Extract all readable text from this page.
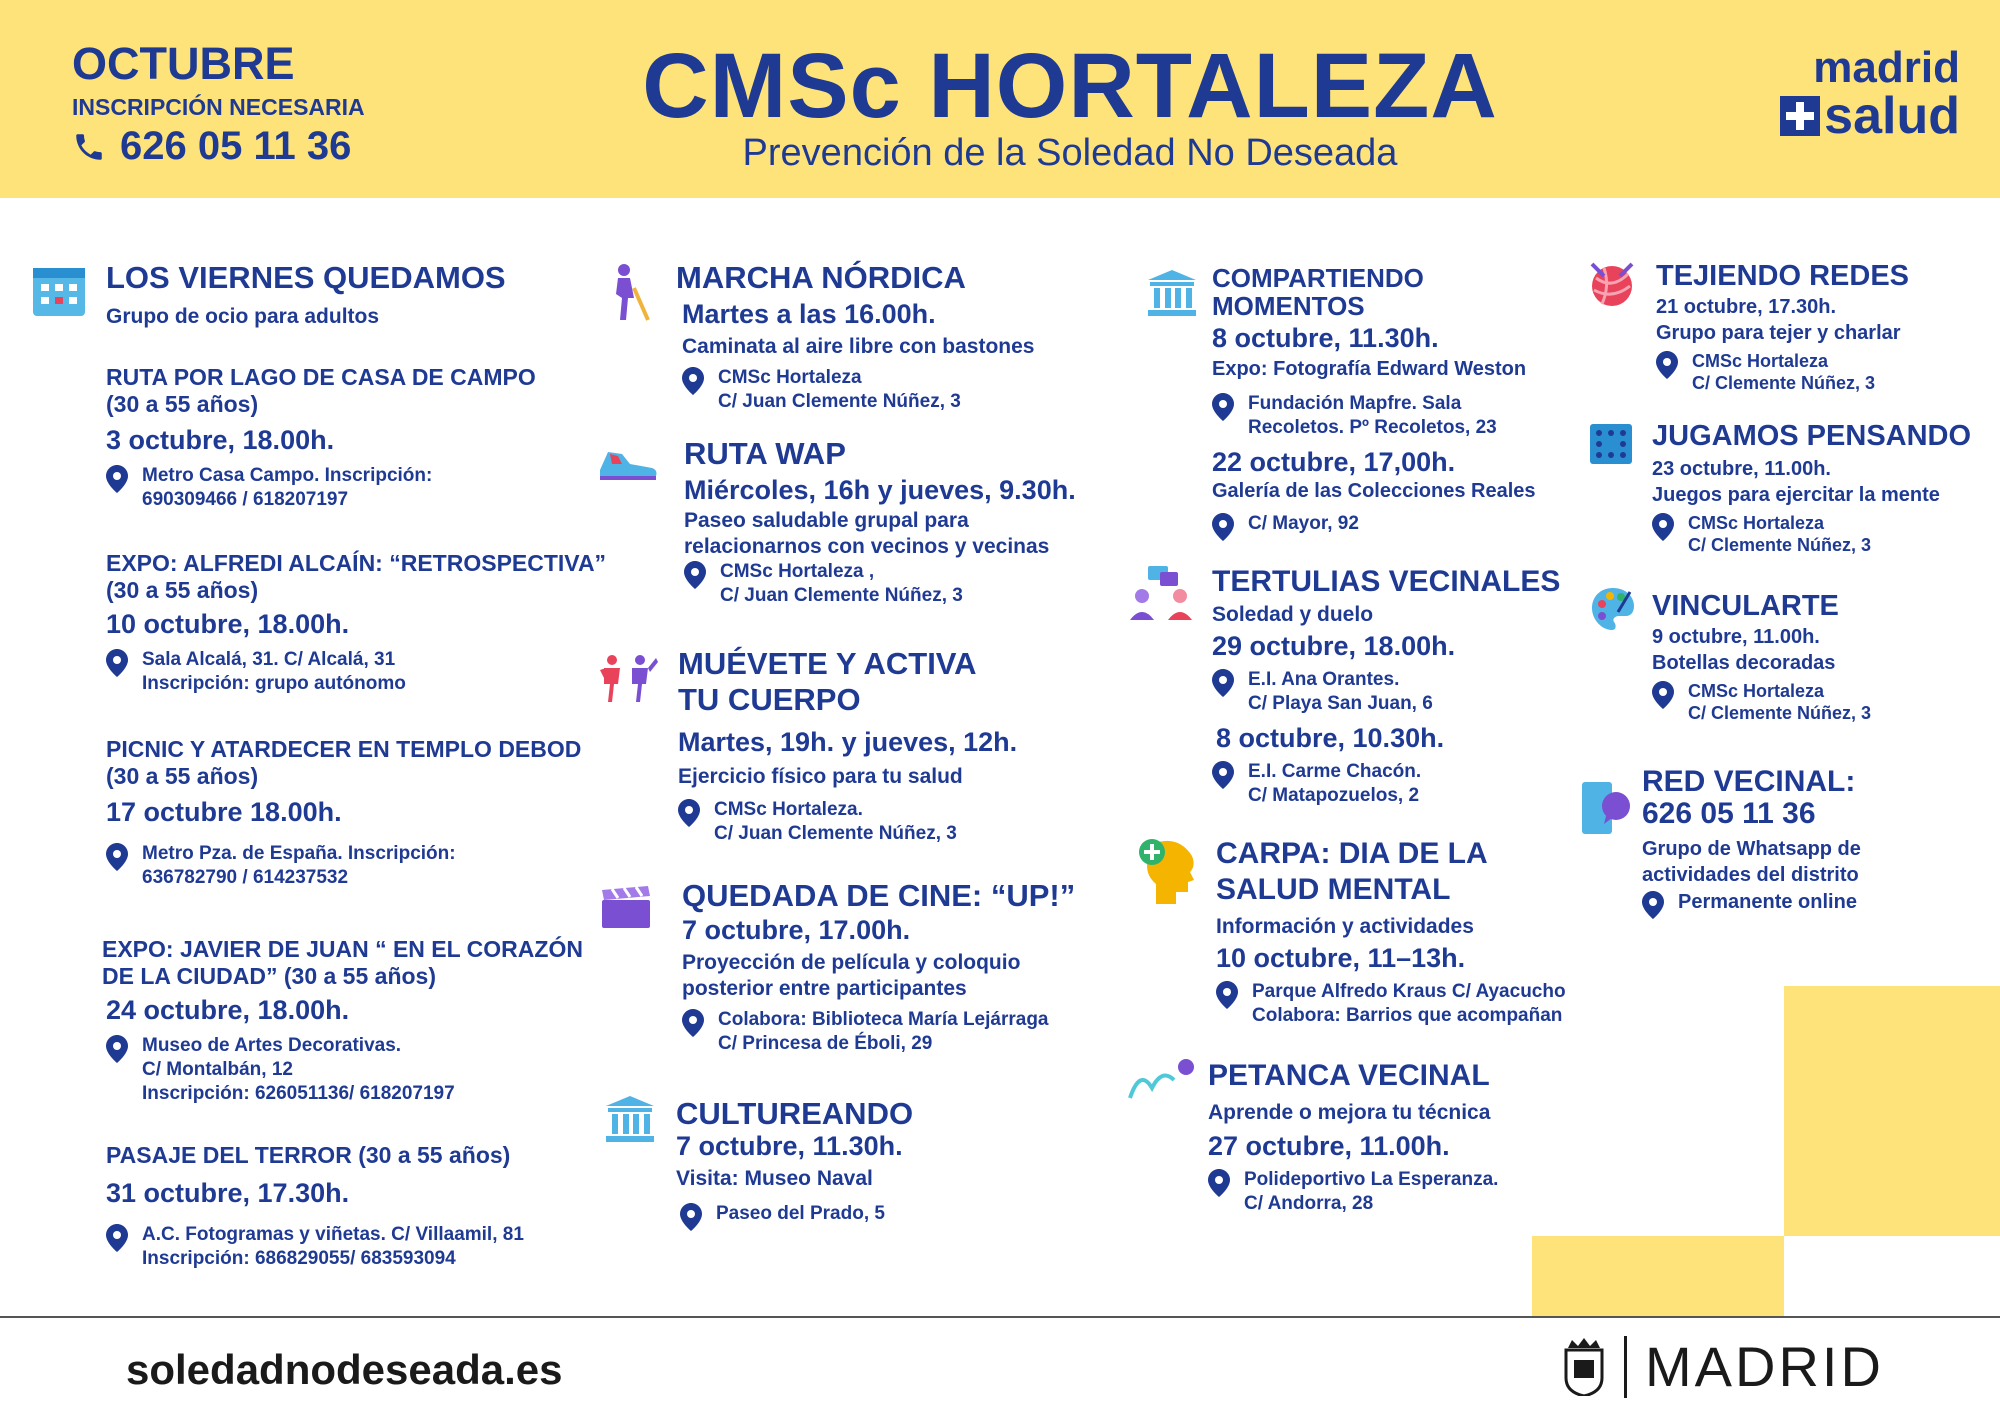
OCTUBRE
INSCRIPCIÓN NECESARIA
626 05 11 36
CMSc HORTALEZA
Prevención de la Soledad No Deseada
madrid
salud
LOS VIERNES QUEDAMOS
Grupo de ocio para adultos
RUTA POR LAGO DE CASA DE CAMPO
(30 a 55 años)
3 octubre, 18.00h.
Metro Casa Campo. Inscripción:
690309466 / 618207197
EXPO: ALFREDI ALCAÍN: “RETROSPECTIVA”
(30 a 55 años)
10 octubre, 18.00h.
Sala Alcalá, 31. C/ Alcalá, 31
Inscripción: grupo autónomo
PICNIC Y ATARDECER EN TEMPLO DEBOD
(30 a 55 años)
17 octubre 18.00h.
Metro Pza. de España. Inscripción:
636782790 / 614237532
EXPO: JAVIER DE JUAN “ EN EL CORAZÓN
DE LA CIUDAD” (30 a 55 años)
24 octubre, 18.00h.
Museo de Artes Decorativas.
C/ Montalbán, 12
Inscripción: 626051136/ 618207197
PASAJE DEL TERROR (30 a 55 años)
31 octubre, 17.30h.
A.C. Fotogramas y viñetas. C/ Villaamil, 81
Inscripción: 686829055/ 683593094
MARCHA NÓRDICA
Martes a las 16.00h.
Caminata al aire libre con bastones
CMSc Hortaleza
C/ Juan Clemente Núñez, 3
RUTA WAP
Miércoles, 16h y jueves, 9.30h.
Paseo saludable grupal para
relacionarnos con vecinos y vecinas
CMSc Hortaleza ,
C/ Juan Clemente Núñez, 3
MUÉVETE Y ACTIVA
TU CUERPO
Martes, 19h. y jueves, 12h.
Ejercicio físico para tu salud
CMSc Hortaleza.
C/ Juan Clemente Núñez, 3
QUEDADA DE CINE: “UP!”
7 octubre, 17.00h.
Proyección de película y coloquio
posterior entre participantes
Colabora: Biblioteca María Lejárraga
C/ Princesa de Éboli, 29
CULTUREANDO
7 octubre, 11.30h.
Visita: Museo Naval
Paseo del Prado, 5
COMPARTIENDO
MOMENTOS
8 octubre, 11.30h.
Expo: Fotografía Edward Weston
Fundación Mapfre. Sala
Recoletos. Pº Recoletos, 23
22 octubre, 17,00h.
Galería de las Colecciones Reales
C/ Mayor, 92
TERTULIAS VECINALES
Soledad y duelo
29 octubre, 18.00h.
E.I. Ana Orantes.
C/ Playa San Juan, 6
8 octubre, 10.30h.
E.I. Carme Chacón.
C/ Matapozuelos, 2
CARPA: DIA DE LA
SALUD MENTAL
Información y actividades
10 octubre, 11–13h.
Parque Alfredo Kraus C/ Ayacucho
Colabora: Barrios que acompañan
PETANCA VECINAL
Aprende o mejora tu técnica
27 octubre, 11.00h.
Polideportivo La Esperanza.
C/ Andorra, 28
TEJIENDO REDES
21 octubre, 17.30h.
Grupo para tejer y charlar
CMSc Hortaleza
C/ Clemente Núñez, 3
JUGAMOS PENSANDO
23 octubre, 11.00h.
Juegos para ejercitar la mente
CMSc Hortaleza
C/ Clemente Núñez, 3
VINCULARTE
9 octubre, 11.00h.
Botellas decoradas
CMSc Hortaleza
C/ Clemente Núñez, 3
RED VECINAL:
626 05 11 36
Grupo de Whatsapp de
actividades del distrito
Permanente online
soledadnodeseada.es	MADRID
